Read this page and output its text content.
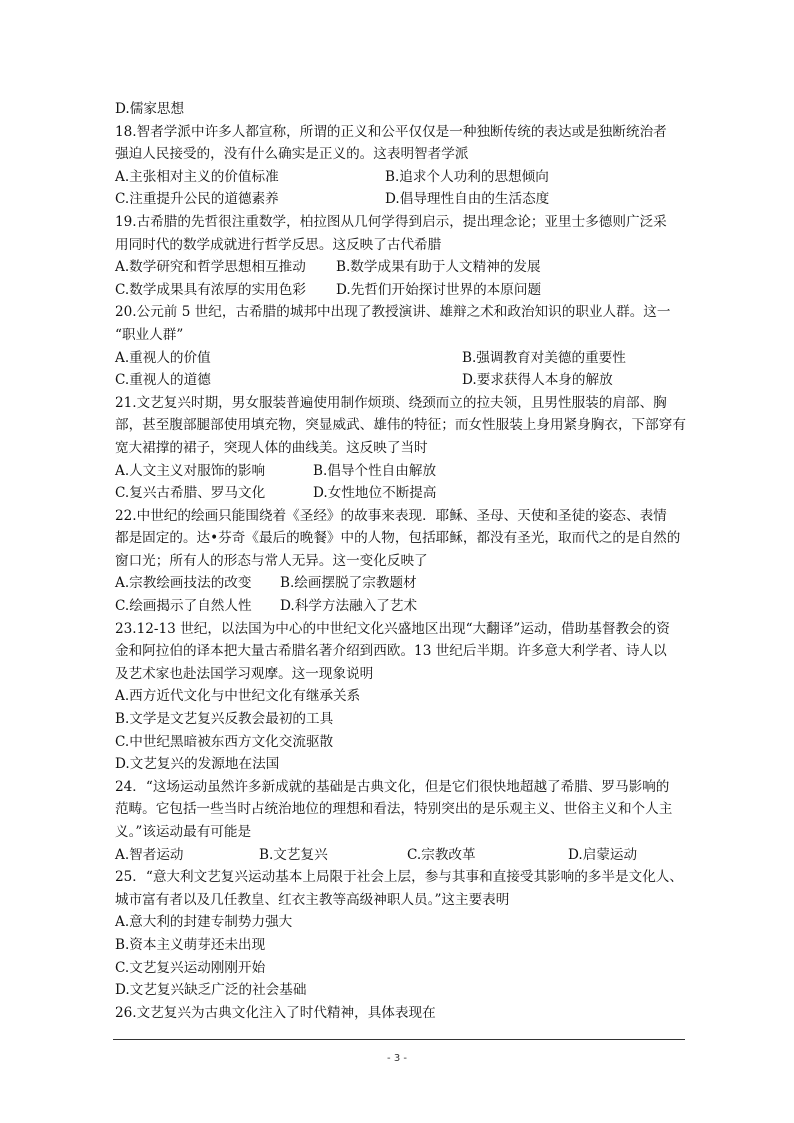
D.儒家思想
18.智者学派中许多人都宣称，所谓的正义和公平仅仅是一种独断传统的表达或是独断统治者
强迫人民接受的，没有什么确实是正义的。这表明智者学派
A.主张相对主义的价值标准	B.追求个人功利的思想倾向
C.注重提升公民的道德素养	D.倡导理性自由的生活态度
19.古希腊的先哲很注重数学，柏拉图从几何学得到启示，提出理念论；亚里士多德则广泛采
用同时代的数学成就进行哲学反思。这反映了古代希腊
A.数学研究和哲学思想相互推动	B.数学成果有助于人文精神的发展
C.数学成果具有浓厚的实用色彩	D.先哲们开始探讨世界的本原问题
20.公元前 5 世纪，古希腊的城邦中出现了教授演讲、雄辩之术和政治知识的职业人群。这一
“职业人群”
A.重视人的价值	B.强调教育对美德的重要性
C.重视人的道德	D.要求获得人本身的解放
21.文艺复兴时期，男女服装普遍使用制作烦琐、绕颈而立的拉夫领，且男性服装的肩部、胸
部，甚至腹部腿部使用填充物，突显威武、雄伟的特征；而女性服装上身用紧身胸衣，下部穿有
宽大裙撑的裙子，突现人体的曲线美。这反映了当时
A.人文主义对服饰的影响	B.倡导个性自由解放
C.复兴古希腊、罗马文化	D.女性地位不断提高
22.中世纪的绘画只能围绕着《圣经》的故事来表现．耶稣、圣母、天使和圣徒的姿态、表情
都是固定的。达•芬奇《最后的晚餐》中的人物，包括耶稣，都没有圣光，取而代之的是自然的
窗口光；所有人的形态与常人无异。这一变化反映了
A.宗教绘画技法的改变	B.绘画摆脱了宗教题材
C.绘画揭示了自然人性	D.科学方法融入了艺术
23.12-13 世纪，以法国为中心的中世纪文化兴盛地区出现“大翻译”运动，借助基督教会的资
金和阿拉伯的译本把大量古希腊名著介绍到西欧。13 世纪后半期。许多意大利学者、诗人以
及艺术家也赴法国学习观摩。这一现象说明
A.西方近代文化与中世纪文化有继承关系
B.文学是文艺复兴反教会最初的工具
C.中世纪黑暗被东西方文化交流驱散
D.文艺复兴的发源地在法国
24．“这场运动虽然许多新成就的基础是古典文化，但是它们很快地超越了希腊、罗马影响的
范畴。它包括一些当时占统治地位的理想和看法，特别突出的是乐观主义、世俗主义和个人主
义。”该运动最有可能是
A.智者运动	B.文艺复兴	C.宗教改革	D.启蒙运动
25．“意大利文艺复兴运动基本上局限于社会上层，参与其事和直接受其影响的多半是文化人、
城市富有者以及几任教皇、红衣主教等高级神职人员。”这主要表明
A.意大利的封建专制势力强大
B.资本主义萌芽还未出现
C.文艺复兴运动刚刚开始
D.文艺复兴缺乏广泛的社会基础
26.文艺复兴为古典文化注入了时代精神，具体表现在
- 3 -
